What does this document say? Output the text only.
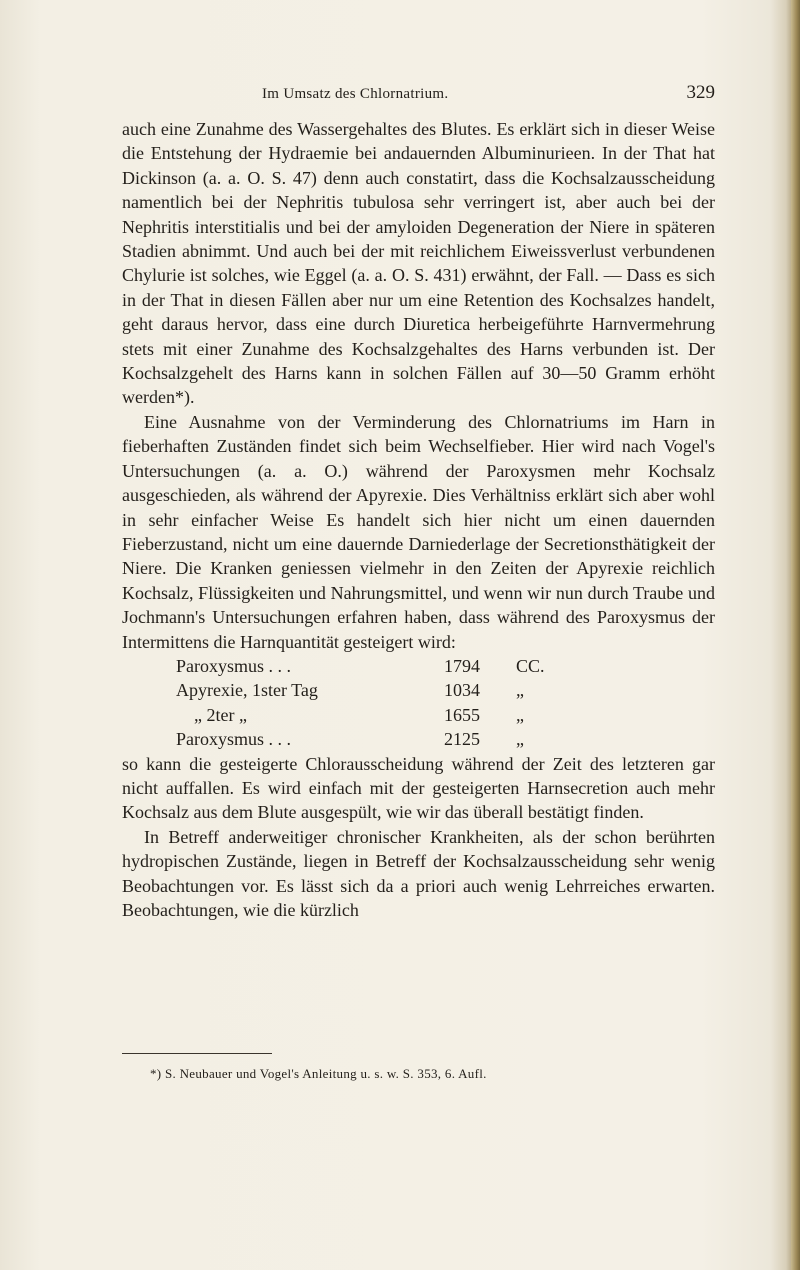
Im Umsatz des Chlornatrium.	329

auch eine Zunahme des Wassergehaltes des Blutes. Es erklärt sich in dieser Weise die Entstehung der Hydraemie bei andauernden Albuminurieen. In der That hat Dickinson (a. a. O. S. 47) denn auch constatirt, dass die Kochsalzausscheidung namentlich bei der Nephritis tubulosa sehr verringert ist, aber auch bei der Nephritis interstitialis und bei der amyloiden Degeneration der Niere in späteren Stadien abnimmt. Und auch bei der mit reichlichem Eiweissverlust verbundenen Chylurie ist solches, wie Eggel (a. a. O. S. 431) erwähnt, der Fall. — Dass es sich in der That in diesen Fällen aber nur um eine Retention des Kochsalzes handelt, geht daraus hervor, dass eine durch Diuretica herbeigeführte Harnvermehrung stets mit einer Zunahme des Kochsalzgehaltes des Harns verbunden ist. Der Kochsalzgehelt des Harns kann in solchen Fällen auf 30—50 Gramm erhöht werden*).

Eine Ausnahme von der Verminderung des Chlornatriums im Harn in fieberhaften Zuständen findet sich beim Wechselfieber. Hier wird nach Vogel's Untersuchungen (a. a. O.) während der Paroxysmen mehr Kochsalz ausgeschieden, als während der Apyrexie. Dies Verhältniss erklärt sich aber wohl in sehr einfacher Weise Es handelt sich hier nicht um einen dauernden Fieberzustand, nicht um eine dauernde Darniederlage der Secretionsthätigkeit der Niere. Die Kranken geniessen vielmehr in den Zeiten der Apyrexie reichlich Kochsalz, Flüssigkeiten und Nahrungsmittel, und wenn wir nun durch Traube und Jochmann's Untersuchungen erfahren haben, dass während des Paroxysmus der Intermittens die Harnquantität gesteigert wird:

Paroxysmus . . .	1794	CC.
Apyrexie, 1ster Tag	1034	„
„ 2ter „	1655	„
Paroxysmus . . .	2125	„

so kann die gesteigerte Chlorausscheidung während der Zeit des letzteren gar nicht auffallen. Es wird einfach mit der gesteigerten Harnsecretion auch mehr Kochsalz aus dem Blute ausgespült, wie wir das überall bestätigt finden.

In Betreff anderweitiger chronischer Krankheiten, als der schon berührten hydropischen Zustände, liegen in Betreff der Kochsalzausscheidung sehr wenig Beobachtungen vor. Es lässt sich da a priori auch wenig Lehrreiches erwarten. Beobachtungen, wie die kürzlich

*) S. Neubauer und Vogel's Anleitung u. s. w. S. 353, 6. Aufl.
